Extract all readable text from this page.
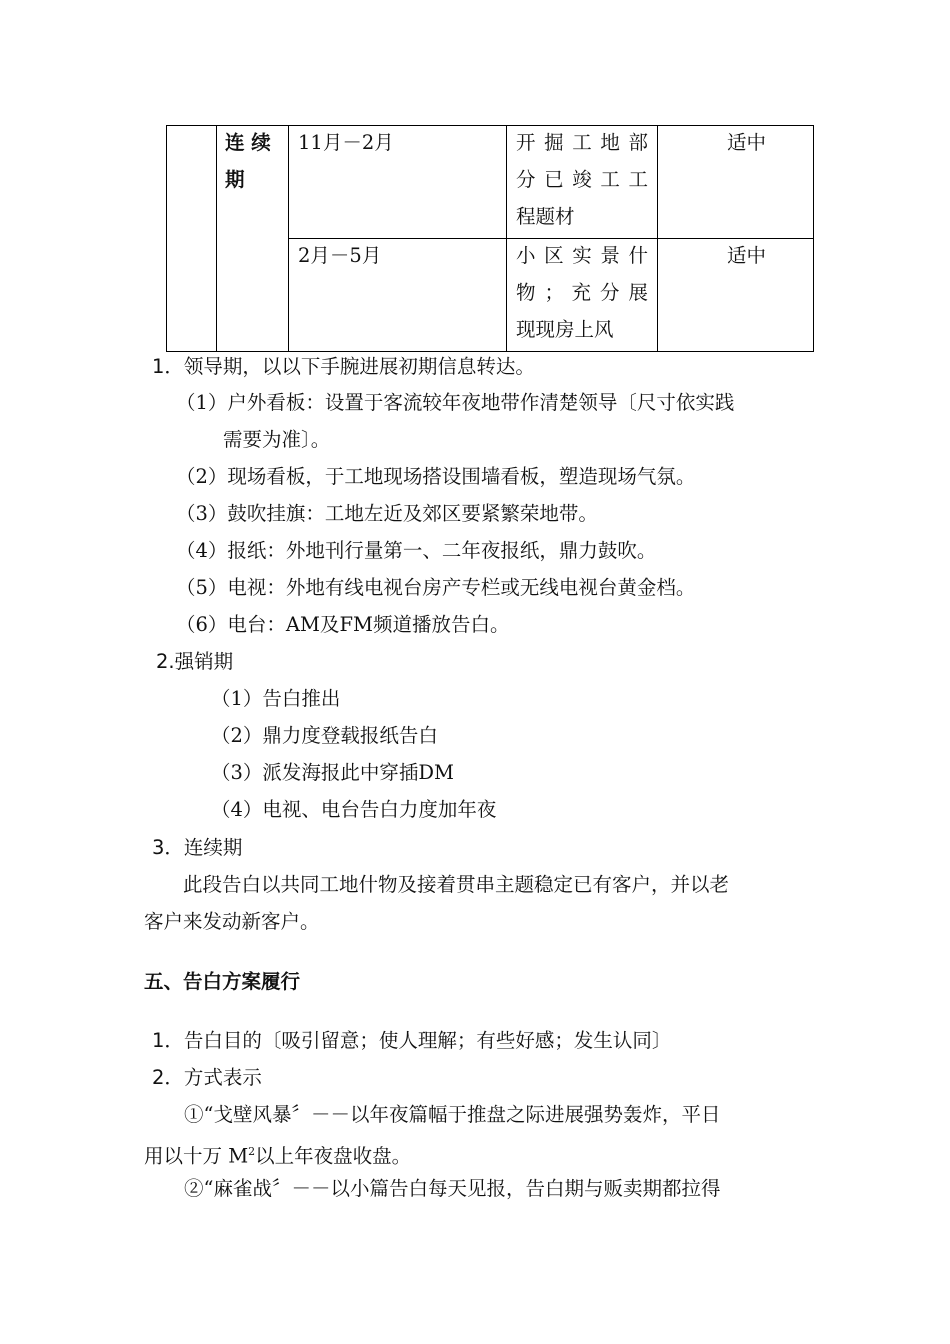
连 续
期
11月－2月	开 掘 工 地 部
分 已 竣 工 工
程题材
适中
2月－5月	小 区 实 景 什
物 ； 充 分 展
现现房上风
适中
1．领导期，以以下手腕进展初期信息转达。
（1）户外看板：设置于客流较年夜地带作清楚领导〔尺寸依实践
需要为准〕。
（2）现场看板，于工地现场搭设围墙看板，塑造现场气氛。
（3）鼓吹挂旗：工地左近及郊区要紧繁荣地带。
（4）报纸：外地刊行量第一、二年夜报纸，鼎力鼓吹。
（5）电视：外地有线电视台房产专栏或无线电视台黄金档。
（6）电台：AM及FM频道播放告白。
2.强销期
（1）告白推出
（2）鼎力度登载报纸告白
（3）派发海报此中穿插DM
（4）电视、电台告白力度加年夜
3．连续期
此段告白以共同工地什物及接着贯串主题稳定已有客户，并以老
客户来发动新客户。
五、告白方案履行
1．告白目的〔吸引留意；使人理解；有些好感；发生认同〕
2．方式表示
①“戈壁风暴〞－－以年夜篇幅于推盘之际进展强势轰炸，平日
用以十万 $M^2$以上年夜盘收盘。
②“麻雀战〞－－以小篇告白每天见报，告白期与贩卖期都拉得
